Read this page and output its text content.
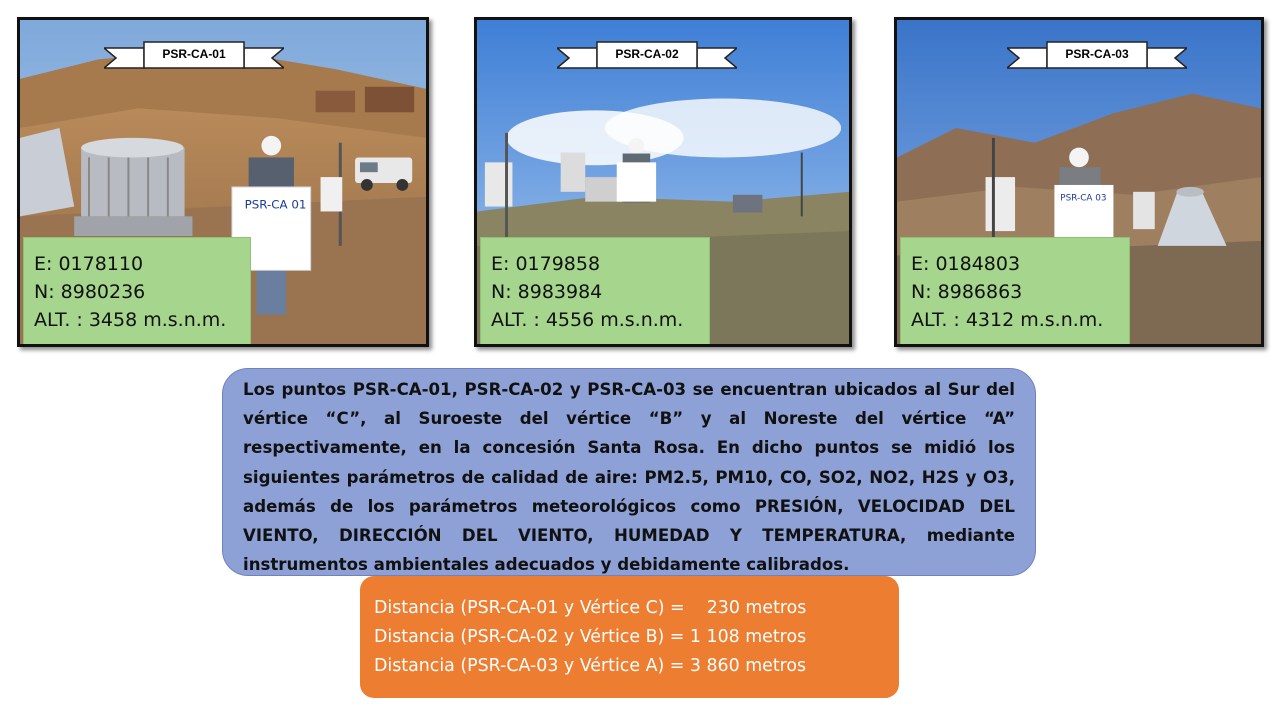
PSR-CA 01
PSR-CA-01
E: 0178110
N: 8980236
ALT. : 3458 m.s.n.m.
PSR-CA-02
E: 0179858
N: 8983984
ALT. : 4556 m.s.n.m.
PSR-CA 03
PSR-CA-03
E: 0184803
N: 8986863
ALT. : 4312 m.s.n.m.

Los puntos PSR-CA-01, PSR-CA-02 y PSR-CA-03 se encuentran ubicados al Sur del vértice “C”, al Suroeste del vértice “B” y al Noreste del vértice “A” respectivamente, en la concesión Santa Rosa. En dicho puntos se midió los siguientes parámetros de calidad de aire: PM2.5, PM10, CO, SO2, NO2, H2S y O3, además de los parámetros meteorológicos como PRESIÓN, VELOCIDAD DEL VIENTO, DIRECCIÓN DEL VIENTO, HUMEDAD Y TEMPERATURA, mediante instrumentos ambientales adecuados y debidamente calibrados.

Distancia (PSR-CA-01 y Vértice C) =    230 metros
Distancia (PSR-CA-02 y Vértice B) = 1 108 metros
Distancia (PSR-CA-03 y Vértice A) = 3 860 metros
